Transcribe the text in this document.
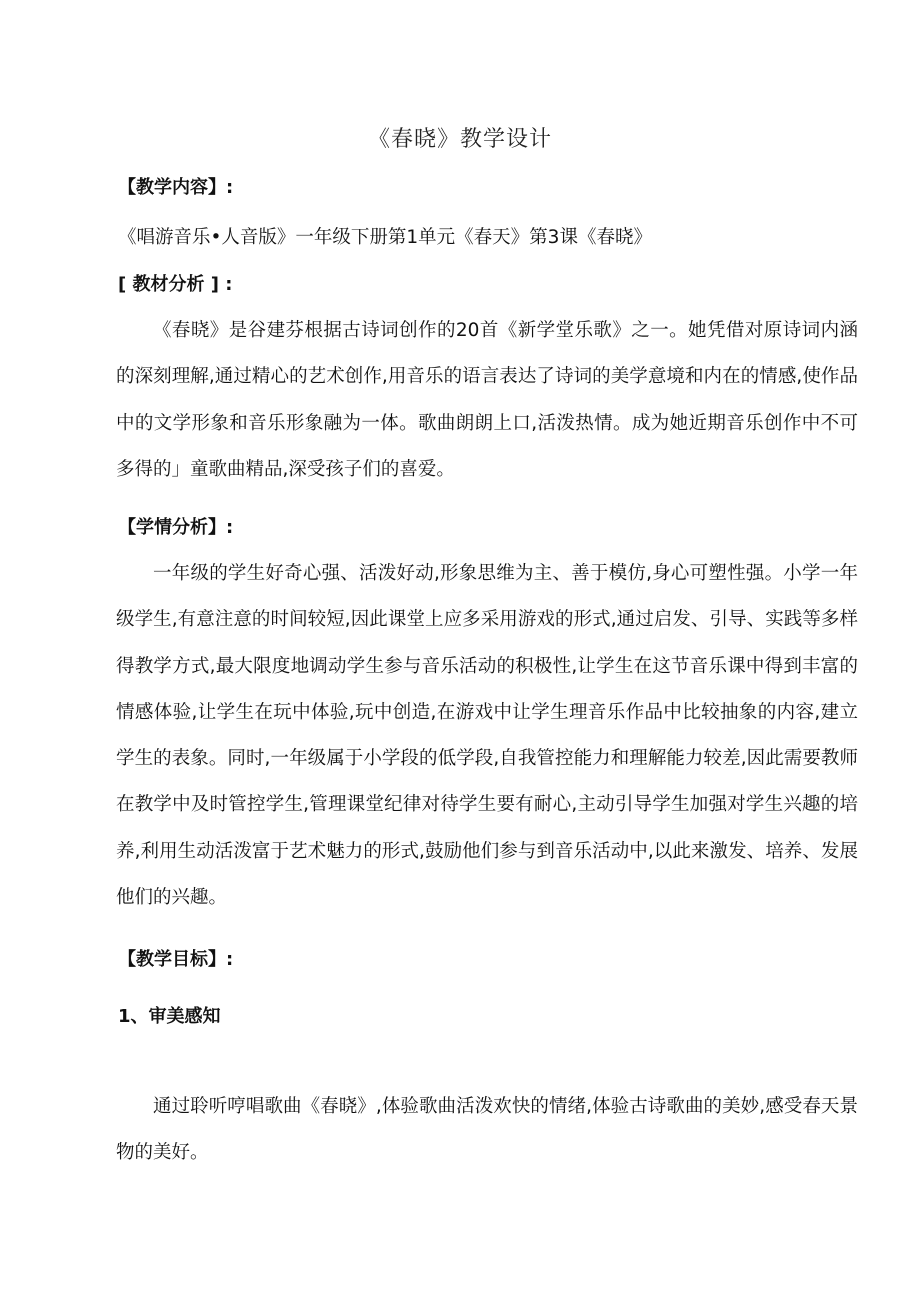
《春晓》教学设计
【教学内容】:
《唱游音乐•人音版》一年级下册第1单元《春天》第3课《春晓》
[ 教材分析 ] :
《春晓》是谷建芬根据古诗词创作的20首《新学堂乐歌》之一。她凭借对原诗词内涵的深刻理解,通过精心的艺术创作,用音乐的语言表达了诗词的美学意境和内在的情感,使作品中的文学形象和音乐形象融为一体。歌曲朗朗上口,活泼热情。成为她近期音乐创作中不可多得的」童歌曲精品,深受孩子们的喜爱。
【学情分析】:
一年级的学生好奇心强、活泼好动,形象思维为主、善于模仿,身心可塑性强。小学一年级学生,有意注意的时间较短,因此课堂上应多采用游戏的形式,通过启发、引导、实践等多样得教学方式,最大限度地调动学生参与音乐活动的积极性,让学生在这节音乐课中得到丰富的情感体验,让学生在玩中体验,玩中创造,在游戏中让学生理音乐作品中比较抽象的内容,建立学生的表象。同时,一年级属于小学段的低学段,自我管控能力和理解能力较差,因此需要教师在教学中及时管控学生,管理课堂纪律对待学生要有耐心,主动引导学生加强对学生兴趣的培养,利用生动活泼富于艺术魅力的形式,鼓励他们参与到音乐活动中,以此来激发、培养、发展他们的兴趣。
【教学目标】:
1、审美感知
通过聆听哼唱歌曲《春晓》,体验歌曲活泼欢快的情绪,体验古诗歌曲的美妙,感受春天景物的美好。
